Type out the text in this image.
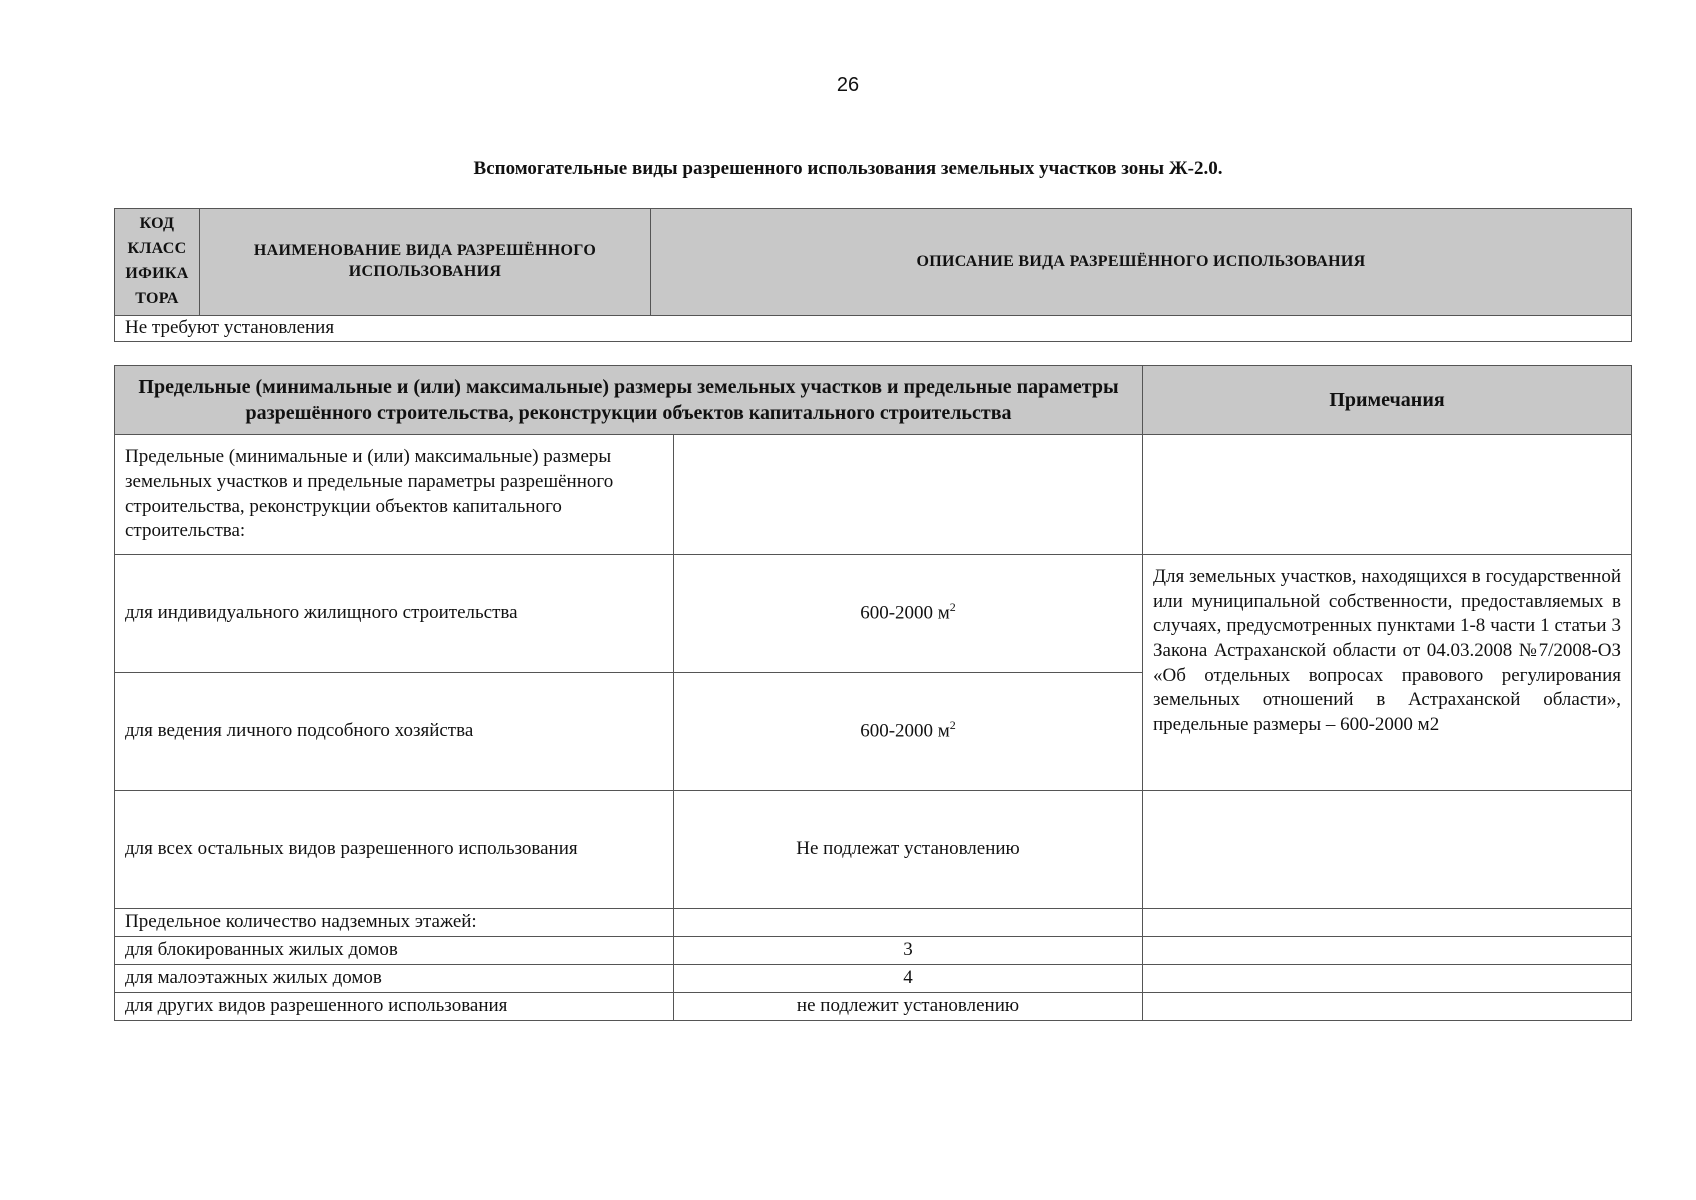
26
Вспомогательные виды разрешенного использования земельных участков зоны Ж-2.0.
КОД КЛАСС ИФИКА ТОРА	НАИМЕНОВАНИЕ ВИДА РАЗРЕШЁННОГО ИСПОЛЬЗОВАНИЯ	ОПИСАНИЕ ВИДА РАЗРЕШЁННОГО ИСПОЛЬЗОВАНИЯ
Не требуют установления
Предельные (минимальные и (или) максимальные) размеры земельных участков и предельные параметры разрешённого строительства, реконструкции объектов капитального строительства		Примечания
Предельные (минимальные и (или) максимальные) размеры земельных участков и предельные параметры разрешённого строительства, реконструкции объектов капитального строительства:		
для индивидуального жилищного строительства	600-2000 $м^2$	Для земельных участков, находящихся в государственной или муниципальной собственности, предоставляемых в случаях, предусмотренных пунктами 1-8 части 1 статьи 3 Закона Астраханской области от 04.03.2008 №7/2008-ОЗ «Об отдельных вопросах правового регулирования земельных отношений в Астраханской области», предельные размеры – 600-2000 м2
для ведения личного подсобного хозяйства	600-2000 $м^2$
для всех остальных видов разрешенного использования	Не подлежат установлению	
Предельное количество надземных этажей:		
для блокированных жилых домов	3	
для малоэтажных жилых домов	4	
для других видов разрешенного использования	не подлежит установлению	
